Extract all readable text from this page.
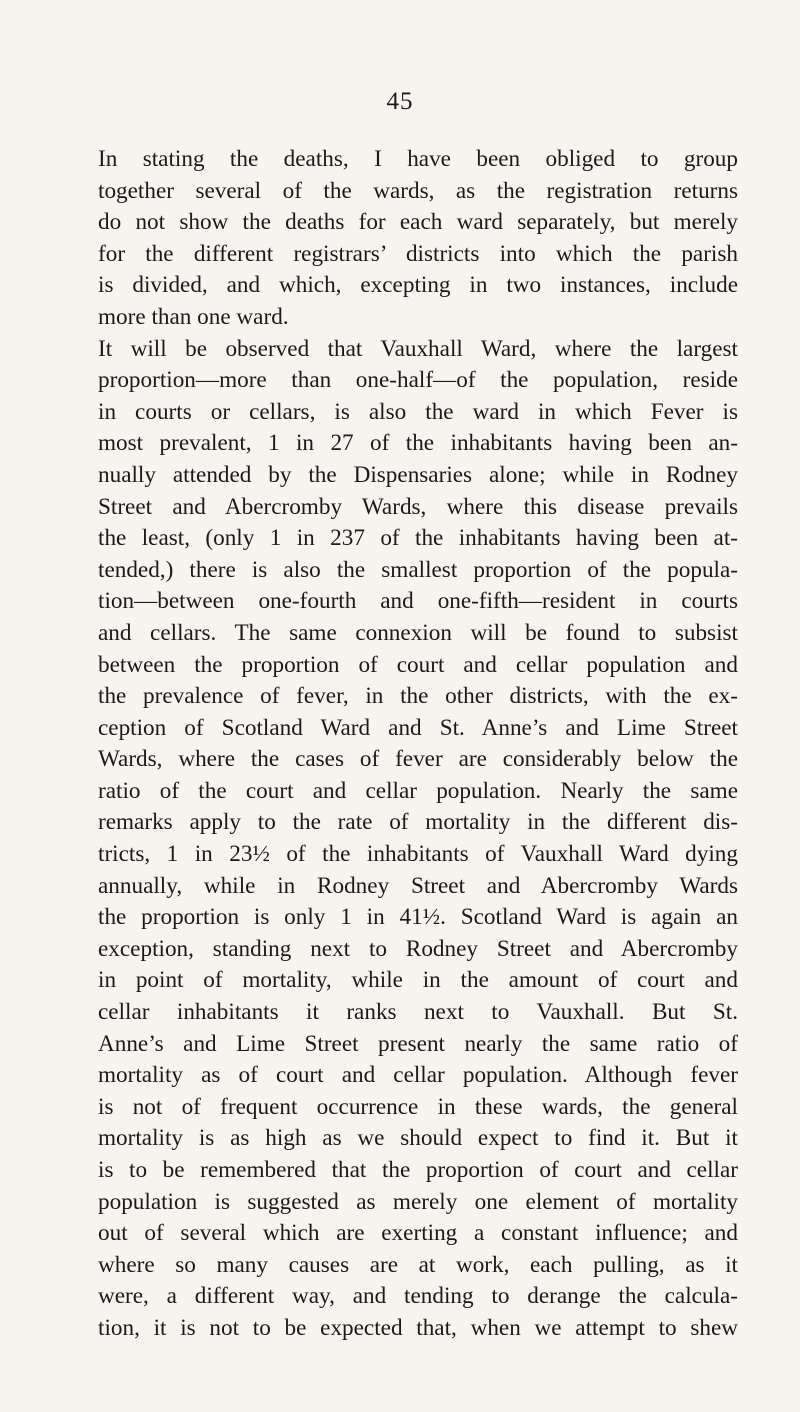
45
In stating the deaths, I have been obliged to group
together several of the wards, as the registration returns
do not show the deaths for each ward separately, but merely
for the different registrars’ districts into which the parish
is divided, and which, excepting in two instances, include
more than one ward.
It will be observed that Vauxhall Ward, where the largest
proportion—more than one-half—of the population, reside
in courts or cellars, is also the ward in which Fever is
most prevalent, 1 in 27 of the inhabitants having been an-
nually attended by the Dispensaries alone; while in Rodney
Street and Abercromby Wards, where this disease prevails
the least, (only 1 in 237 of the inhabitants having been at-
tended,) there is also the smallest proportion of the popula-
tion—between one-fourth and one-fifth—resident in courts
and cellars. The same connexion will be found to subsist
between the proportion of court and cellar population and
the prevalence of fever, in the other districts, with the ex-
ception of Scotland Ward and St. Anne’s and Lime Street
Wards, where the cases of fever are considerably below the
ratio of the court and cellar population. Nearly the same
remarks apply to the rate of mortality in the different dis-
tricts, 1 in 23½ of the inhabitants of Vauxhall Ward dying
annually, while in Rodney Street and Abercromby Wards
the proportion is only 1 in 41½. Scotland Ward is again an
exception, standing next to Rodney Street and Abercromby
in point of mortality, while in the amount of court and
cellar inhabitants it ranks next to Vauxhall. But St.
Anne’s and Lime Street present nearly the same ratio of
mortality as of court and cellar population. Although fever
is not of frequent occurrence in these wards, the general
mortality is as high as we should expect to find it. But it
is to be remembered that the proportion of court and cellar
population is suggested as merely one element of mortality
out of several which are exerting a constant influence; and
where so many causes are at work, each pulling, as it
were, a different way, and tending to derange the calcula-
tion, it is not to be expected that, when we attempt to shew
